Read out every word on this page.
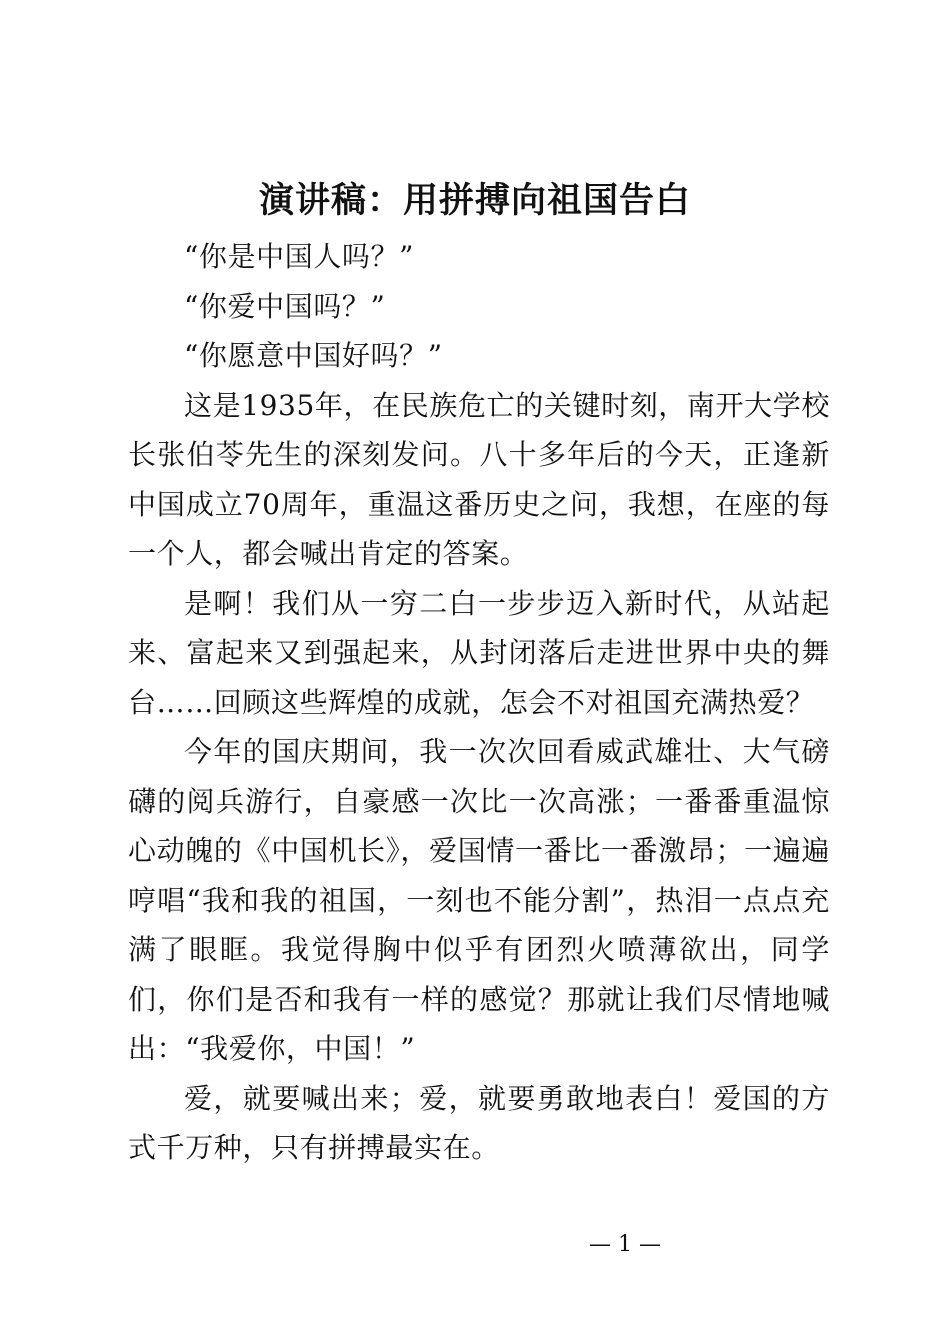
演讲稿：用拼搏向祖国告白

“你是中国人吗？”

“你爱中国吗？”

“你愿意中国好吗？”

这是1935年，在民族危亡的关键时刻，南开大学校长张伯苓先生的深刻发问。八十多年后的今天，正逢新中国成立70周年，重温这番历史之问，我想，在座的每一个人，都会喊出肯定的答案。

是啊！我们从一穷二白一步步迈入新时代，从站起来、富起来又到强起来，从封闭落后走进世界中央的舞台……回顾这些辉煌的成就，怎会不对祖国充满热爱？

今年的国庆期间，我一次次回看威武雄壮、大气磅礴的阅兵游行，自豪感一次比一次高涨；一番番重温惊心动魄的《中国机长》，爱国情一番比一番激昂；一遍遍哼唱“我和我的祖国，一刻也不能分割”，热泪一点点充满了眼眶。我觉得胸中似乎有团烈火喷薄欲出，同学们，你们是否和我有一样的感觉？那就让我们尽情地喊出：“我爱你，中国！”

爱，就要喊出来；爱，就要勇敢地表白！爱国的方式千万种，只有拼搏最实在。

— 1 —
